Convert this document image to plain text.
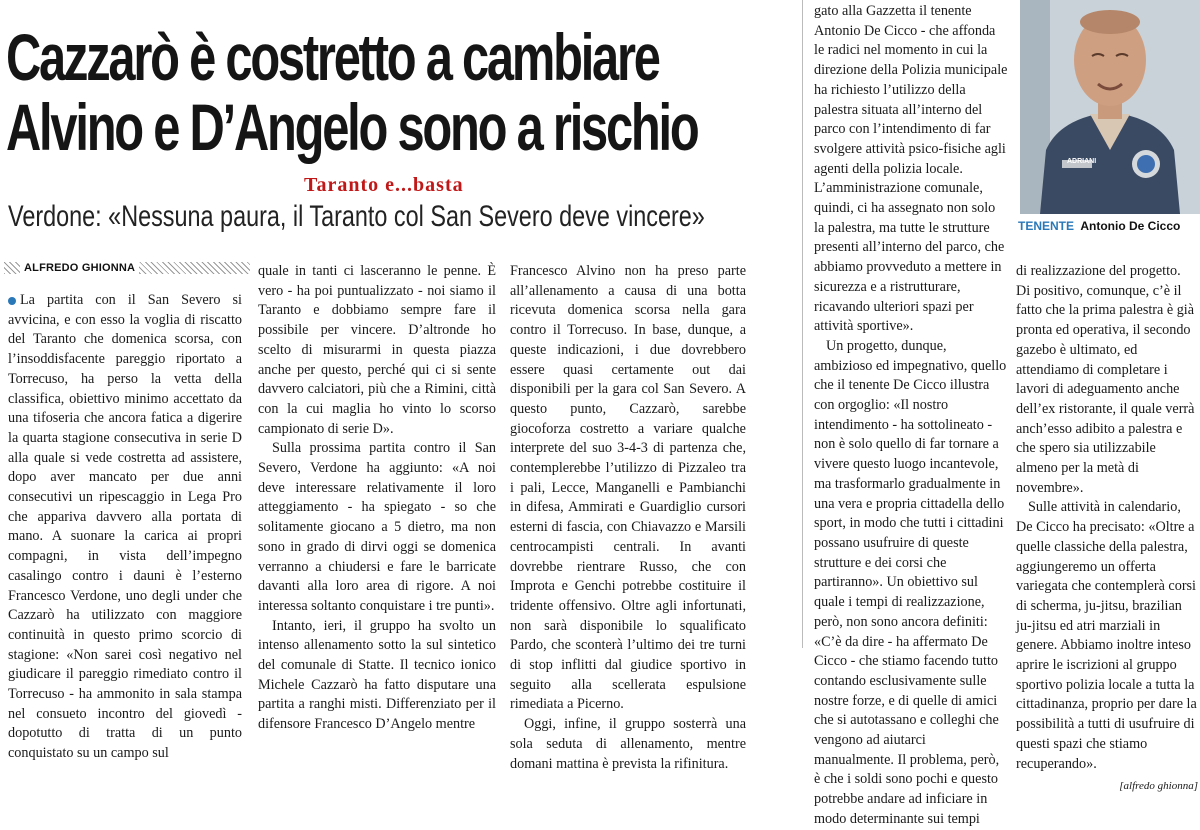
Cazzarò è costretto a cambiare
Alvino e D’Angelo sono a rischio
Taranto e...basta
Verdone: «Nessuna paura, il Taranto col San Severo deve vincere»
ALFREDO GHIONNA

La partita con il San Severo si avvicina, e con esso la voglia di riscatto del Taranto che domenica scorsa, con l’insoddisfacente pareggio riportato a Torrecuso, ha perso la vetta della classifica, obiettivo minimo accettato da una tifoseria che ancora fatica a digerire la quarta stagione consecutiva in serie D alla quale si vede costretta ad assistere, dopo aver mancato per due anni consecutivi un ripescaggio in Lega Pro che appariva davvero alla portata di mano. A suonare la carica ai propri compagni, in vista dell’impegno casalingo contro i dauni è l’esterno Francesco Verdone, uno degli under che Cazzarò ha utilizzato con maggiore continuità in questo primo scorcio di stagione: «Non sarei così negativo nel giudicare il pareggio rimediato contro il Torrecuso - ha ammonito in sala stampa nel consueto incontro del giovedì - dopotutto di tratta di un punto conquistato su un campo sul

quale in tanti ci lasceranno le penne. È vero - ha poi puntualizzato - noi siamo il Taranto e dobbiamo sempre fare il possibile per vincere. D’altronde ho scelto di misurarmi in questa piazza anche per questo, perché qui ci si sente davvero calciatori, più che a Rimini, città con la cui maglia ho vinto lo scorso campionato di serie D».

Sulla prossima partita contro il San Severo, Verdone ha aggiunto: «A noi deve interessare relativamente il loro atteggiamento - ha spiegato - so che solitamente giocano a 5 dietro, ma non sono in grado di dirvi oggi se domenica verranno a chiudersi e fare le barricate davanti alla loro area di rigore. A noi interessa soltanto conquistare i tre punti».

Intanto, ieri, il gruppo ha svolto un intenso allenamento sotto la sul sintetico del comunale di Statte. Il tecnico ionico Michele Cazzarò ha fatto disputare una partita a ranghi misti. Differenziato per il difensore Francesco D’Angelo mentre

Francesco Alvino non ha preso parte all’allenamento a causa di una botta ricevuta domenica scorsa nella gara contro il Torrecuso. In base, dunque, a queste indicazioni, i due dovrebbero essere quasi certamente out dai disponibili per la gara col San Severo. A questo punto, Cazzarò, sarebbe giocoforza costretto a variare qualche interprete del suo 3-4-3 di partenza che, contemplerebbe l’utilizzo di Pizzaleo tra i pali, Lecce, Manganelli e Pambianchi in difesa, Ammirati e Guardiglio cursori esterni di fascia, con Chiavazzo e Marsili centrocampisti centrali. In avanti dovrebbe rientrare Russo, che con Improta e Genchi potrebbe costituire il tridente offensivo. Oltre agli infortunati, non sarà disponibile lo squalificato Pardo, che sconterà l’ultimo dei tre turni di stop inflitti dal giudice sportivo in seguito alla scellerata espulsione rimediata a Picerno.

Oggi, infine, il gruppo sosterrà una sola seduta di allenamento, mentre domani mattina è prevista la rifinitura.

gato alla Gazzetta il tenente Antonio De Cicco - che affonda le radici nel momento in cui la direzione della Polizia municipale ha richiesto l’utilizzo della palestra situata all’interno del parco con l’intendimento di far svolgere attività psico-fisiche agli agenti della polizia locale. L’amministrazione comunale, quindi, ci ha assegnato non solo la palestra, ma tutte le strutture presenti all’interno del parco, che abbiamo provveduto a mettere in sicurezza e a ristrutturare, ricavando ulteriori spazi per attività sportive».

Un progetto, dunque, ambizioso ed impegnativo, quello che il tenente De Cicco illustra con orgoglio: «Il nostro intendimento - ha sottolineato - non è solo quello di far tornare a vivere questo luogo incantevole, ma trasformarlo gradualmente in una vera e propria cittadella dello sport, in modo che tutti i cittadini possano usufruire di queste strutture e dei corsi che partiranno». Un obiettivo sul quale i tempi di realizzazione, però, non sono ancora definiti: «C’è da dire - ha affermato De Cicco - che stiamo facendo tutto contando esclusivamente sulle nostre forze, e di quelle di amici che si autotassano e colleghi che vengono ad aiutarci manualmente. Il problema, però, è che i soldi sono pochi e questo potrebbe andare ad inficiare in modo determinante sui tempi

ADRIANI
TENENTE Antonio De Cicco

di realizzazione del progetto. Di positivo, comunque, c’è il fatto che la prima palestra è già pronta ed operativa, il secondo gazebo è ultimato, ed attendiamo di completare i lavori di adeguamento anche dell’ex ristorante, il quale verrà anch’esso adibito a palestra e che spero sia utilizzabile almeno per la metà di novembre».

Sulle attività in calendario, De Cicco ha precisato: «Oltre a quelle classiche della palestra, aggiungeremo un offerta variegata che contemplerà corsi di scherma, ju-jitsu, brazilian ju-jitsu ed atri marziali in genere. Abbiamo inoltre inteso aprire le iscrizioni al gruppo sportivo polizia locale a tutta la cittadinanza, proprio per dare la possibilità a tutti di usufruire di questi spazi che stiamo recuperando».

[alfredo ghionna]
